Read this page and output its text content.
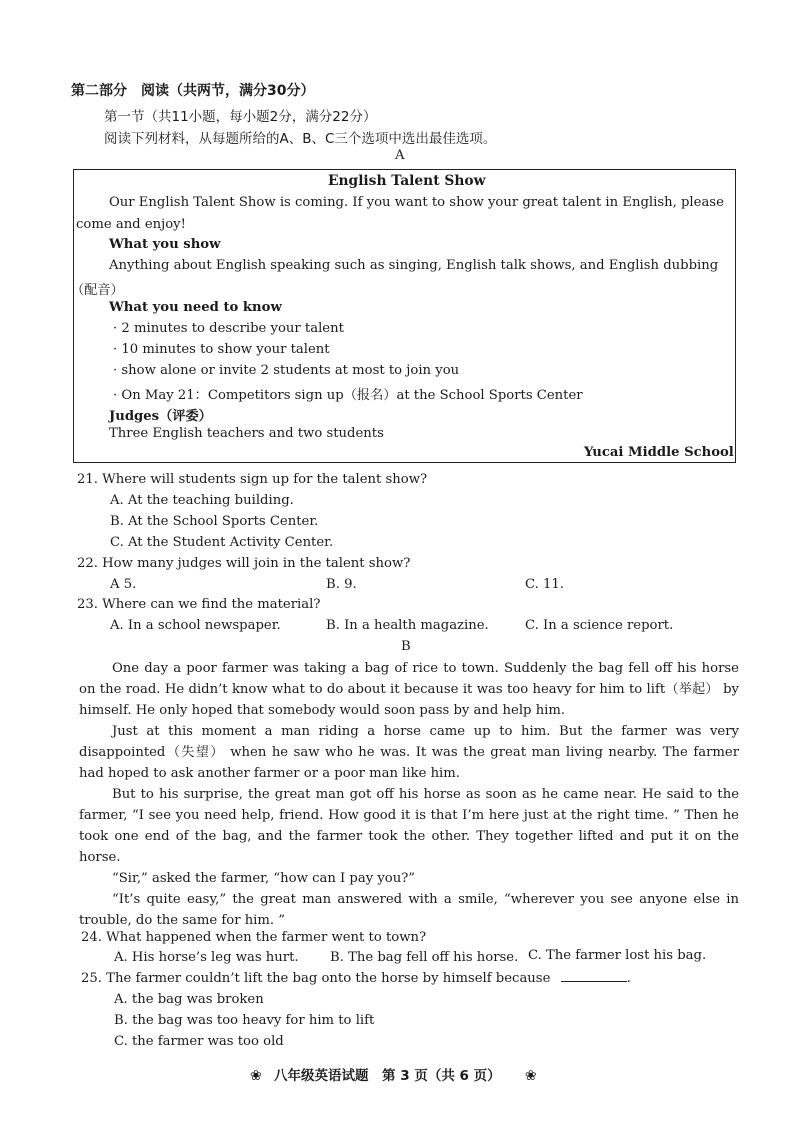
第二部分　阅读（共两节，满分30分）
第一节（共11小题，每小题2分，满分22分）
阅读下列材料，从每题所给的A、B、C三个选项中选出最佳选项。
A
English Talent Show
Our English Talent Show is coming. If you want to show your great talent in English, please
come and enjoy!
What you show
Anything about English speaking such as singing, English talk shows, and English dubbing
（配音）
What you need to know
· 2 minutes to describe your talent
· 10 minutes to show your talent
· show alone or invite 2 students at most to join you
· On May 21：Competitors sign up（报名）at the School Sports Center
Judges（评委）
Three English teachers and two students
Yucai Middle School
21. Where will students sign up for the talent show?
A. At the teaching building.
B. At the School Sports Center.
C. At the Student Activity Center.
22. How many judges will join in the talent show?
A 5.	B. 9.	C. 11.
23. Where can we find the material?
A. In a school newspaper.	B. In a health magazine.	C. In a science report.
B

One day a poor farmer was taking a bag of rice to town. Suddenly the bag fell off his horse on the road. He didn’t know what to do about it because it was too heavy for him to lift（举起） by himself. He only hoped that somebody would soon pass by and help him.

Just at this moment a man riding a horse came up to him. But the farmer was very disappointed（失望） when he saw who he was. It was the great man living nearby. The farmer had hoped to ask another farmer or a poor man like him.

But to his surprise, the great man got off his horse as soon as he came near. He said to the farmer, “I see you need help, friend. How good it is that I’m here just at the right time. ” Then he took one end of the bag, and the farmer took the other. They together lifted and put it on the horse.

“Sir,” asked the farmer, “how can I pay you?”

“It’s quite easy,” the great man answered with a smile, “wherever you see anyone else in trouble, do the same for him. ”

24. What happened when the farmer went to town?
A. His horse’s leg was hurt. B. The bag fell off his horse. C. The farmer lost his bag.
25. The farmer couldn’t lift the bag onto the horse by himself because	.
A. the bag was broken
B. the bag was too heavy for him to lift
C. the farmer was too old
❀ 八年级英语试题　第 3 页（共 6 页） ❀
